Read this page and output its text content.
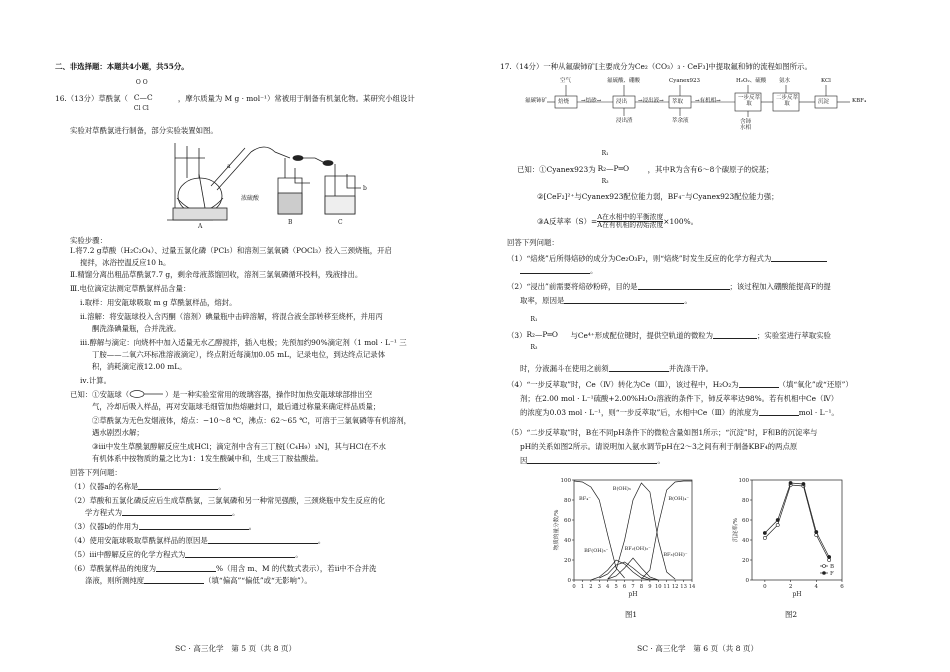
二、非选择题：本题共4小题，共55分。
16.（13分）草酰氯（
O O
C—C
Cl Cl
，摩尔质量为 M g · mol⁻¹）常被用于制备有机氯化物。某研究小组设计
实验对草酰氯进行制备，部分实验装置如图。
a
浓硫酸
b
A
B	C
实验步骤：
Ⅰ.将7.2 g草酸（H₂C₂O₄）、过量五氯化磷（PCl₅）和溶剂三氯氧磷（POCl₃）投入三颈烧瓶，开启
搅拌，冰浴控温反应10 h。
Ⅱ.精馏分离出粗品草酰氯7.7 g，剩余母液蒸馏回收，溶剂三氯氧磷循环投料，残液排出。
Ⅲ.电位滴定法测定草酰氯样品含量：
ⅰ.取样：用安瓿球吸取 m g 草酰氯样品，熔封。
ⅱ.溶解：将安瓿球投入含丙酮（溶剂）碘量瓶中击碎溶解，将混合液全部转移至烧杯，并用丙
酮洗涤碘量瓶，合并洗液。
ⅲ.醇解与滴定：向烧杯中加入适量无水乙醇搅拌，插入电极；先预加约90%滴定剂（1 mol · L⁻¹ 三
丁胺——二氧六环标准溶液滴定），终点附近每滴加0.05 mL，记录电位，到达终点记录体
积，消耗滴定液12.00 mL。
ⅳ.计算。
已知：①安瓿球（	）是一种实验室常用的玻璃容器，操作时加热安瓿球球部排出空
气，冷却后吸入样品，再对安瓿球毛细管加热熔融封口，最后通过称量来确定样品质量；
②草酰氯为无色发烟液体，熔点：−10～8 ℃，沸点：62～65 ℃，可溶于三氯氧磷等有机溶剂，
遇水剧烈水解；
③ⅲ中发生草酰氯醇解反应生成HCl；滴定剂中含有三丁胺[（C₄H₉）₃N]，其与HCl在不水
有机体系中按物质的量之比为1：1发生酸碱中和，生成三丁胺盐酸盐。
回答下列问题：
（1）仪器a的名称是	。
（2）草酸和五氯化磷反应后生成草酰氯，三氯氧磷和另一种常见强酸，三颈烧瓶中发生反应的化
学方程式为	。
（3）仪器b的作用为	。
（4）使用安瓿球吸取草酰氯样品的原因是	。
（5）ⅲ中醇解反应的化学方程式为	。
（6）草酰氯样品的纯度为	%（用含 m、M 的代数式表示），若ⅱ中不合并洗
涤液，则所测纯度	（填“偏高”“偏低”或“无影响”）。
SC · 高三化学　第 5 页（共 8 页）
17.（14分）一种从氟碳铈矿[主要成分为Ce₂（CO₃）₃ · CeF₃]中提取氟和铈的流程如图所示。
氟碳铈矿
空气
焙烧 →焙砂→
氟硫酸、硼酸
浸出
浸出渣
→浸出液→
Cyanex923
萃取
萃余液
→有机相→
H₂O₂、硫酸
一步反萃取
含铈水相
氨水
二步反萃取
KCl
沉淀	KBF₄
已知：①Cyanex923为
R₁
R₂—P═O
R₃
，其中R为含有6～8个碳原子的烷基；
②[CeF₂]²⁺与Cyanex923配位能力弱，BF₄⁻与Cyanex923配位能力强；
③A反萃率（S）= A在水相中的平衡浓度
A在有机相的初始浓度 ×100%。
回答下列问题：
（1）“焙烧”后所得焙砂的成分为Ce₂O₃F₂，则“焙烧”时发生反应的化学方程式为
。
（2）“浸出”前需要将焙砂粉碎，目的是	；该过程加入硼酸能提高F的提
取率，原因是	。
（3）
R₁
R₂—P═O
R₃
与Ce⁴⁺形成配位键时，提供空轨道的微粒为	；实验室进行萃取实验
时，分液漏斗在使用之前须	并洗涤干净。
（4）“一步反萃取”时，Ce（Ⅳ）转化为Ce（Ⅲ），该过程中，H₂O₂为	（填“氧化”或“还原”）
剂；在2.00 mol · L⁻¹硫酸+2.00%H₂O₂溶液的条件下，铈反萃率达98%。若有机相中Ce（Ⅳ）
的浓度为0.03 mol · L⁻¹，则“一步反萃取”后，水相中Ce（Ⅲ）的浓度为	mol · L⁻¹。
（5）“二步反萃取”时，B在不同pH条件下的微粒含量如图1所示；“沉淀”时，F和B的沉淀率与
pH的关系如图2所示。请说明加入氨水调节pH在2～3之间有利于制备KBF₄的两点原
因	。
0
20
40
60
80
100
0 1 2 3 4 5 6 7 8 9 10 11 12 13 14
pH
物质的量分数/%
BF₄⁻
B(OH)₃
B(OH)₄⁻
BF(OH)₃⁻	BF₂(OH)₂⁻
BF₃(OH)⁻
图1
0
20
40
60
80
100
0	2	4	6
pH
沉淀率/%
B
F
图2
SC · 高三化学　第 6 页（共 8 页）
